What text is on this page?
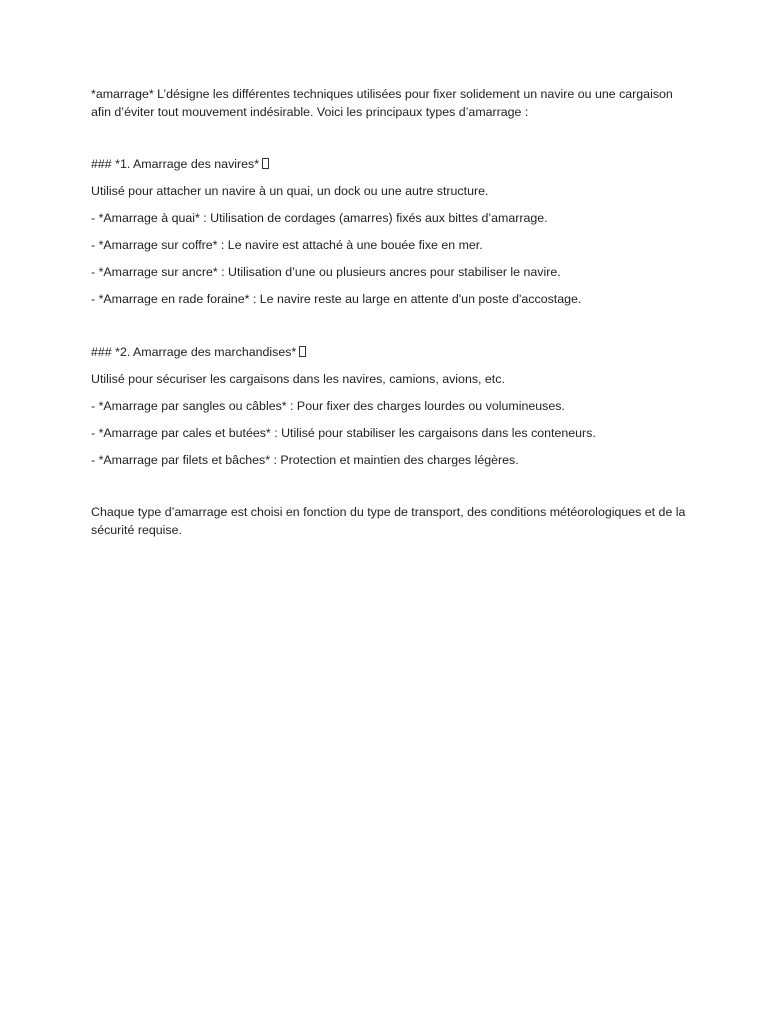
*amarrage* L’désigne les différentes techniques utilisées pour fixer solidement un navire ou une cargaison afin d’éviter tout mouvement indésirable. Voici les principaux types d’amarrage :

### *1. Amarrage des navires*

Utilisé pour attacher un navire à un quai, un dock ou une autre structure.

- *Amarrage à quai* : Utilisation de cordages (amarres) fixés aux bittes d’amarrage.

- *Amarrage sur coffre* : Le navire est attaché à une bouée fixe en mer.

- *Amarrage sur ancre* : Utilisation d’une ou plusieurs ancres pour stabiliser le navire.

- *Amarrage en rade foraine* : Le navire reste au large en attente d'un poste d'accostage.

### *2. Amarrage des marchandises*

Utilisé pour sécuriser les cargaisons dans les navires, camions, avions, etc.

- *Amarrage par sangles ou câbles* : Pour fixer des charges lourdes ou volumineuses.

- *Amarrage par cales et butées* : Utilisé pour stabiliser les cargaisons dans les conteneurs.

- *Amarrage par filets et bâches* : Protection et maintien des charges légères.

Chaque type d’amarrage est choisi en fonction du type de transport, des conditions météorologiques et de la sécurité requise.
